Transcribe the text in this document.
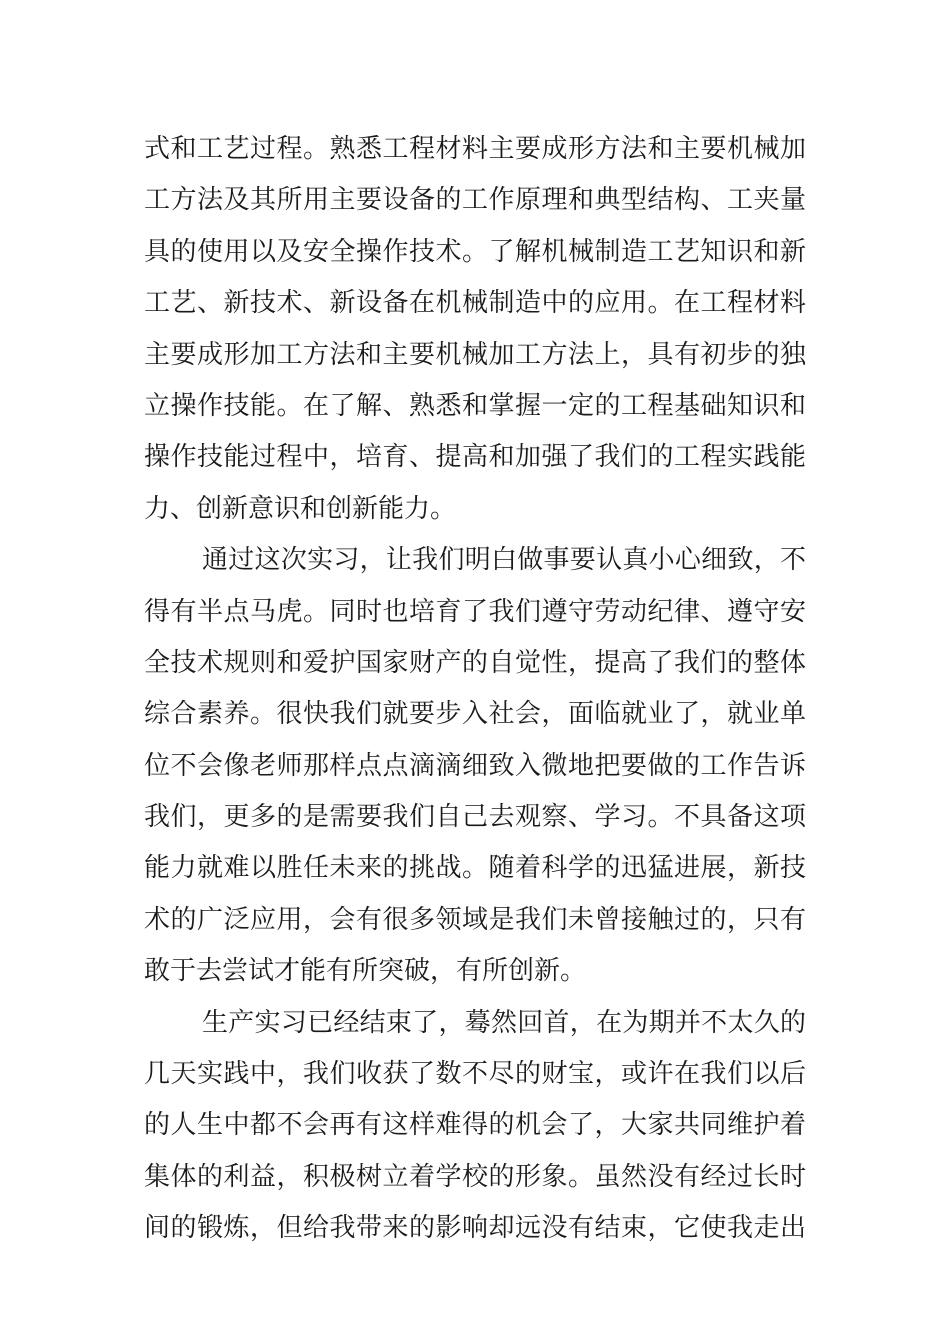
式和工艺过程。熟悉工程材料主要成形方法和主要机械加
工方法及其所用主要设备的工作原理和典型结构、工夹量
具的使用以及安全操作技术。了解机械制造工艺知识和新
工艺、新技术、新设备在机械制造中的应用。在工程材料
主要成形加工方法和主要机械加工方法上，具有初步的独
立操作技能。在了解、熟悉和掌握一定的工程基础知识和
操作技能过程中，培育、提高和加强了我们的工程实践能
力、创新意识和创新能力。
通过这次实习，让我们明白做事要认真小心细致，不
得有半点马虎。同时也培育了我们遵守劳动纪律、遵守安
全技术规则和爱护国家财产的自觉性，提高了我们的整体
综合素养。很快我们就要步入社会，面临就业了，就业单
位不会像老师那样点点滴滴细致入微地把要做的工作告诉
我们，更多的是需要我们自己去观察、学习。不具备这项
能力就难以胜任未来的挑战。随着科学的迅猛进展，新技
术的广泛应用，会有很多领域是我们未曾接触过的，只有
敢于去尝试才能有所突破，有所创新。
生产实习已经结束了，蓦然回首，在为期并不太久的
几天实践中，我们收获了数不尽的财宝，或许在我们以后
的人生中都不会再有这样难得的机会了，大家共同维护着
集体的利益，积极树立着学校的形象。虽然没有经过长时
间的锻炼，但给我带来的影响却远没有结束，它使我走出
